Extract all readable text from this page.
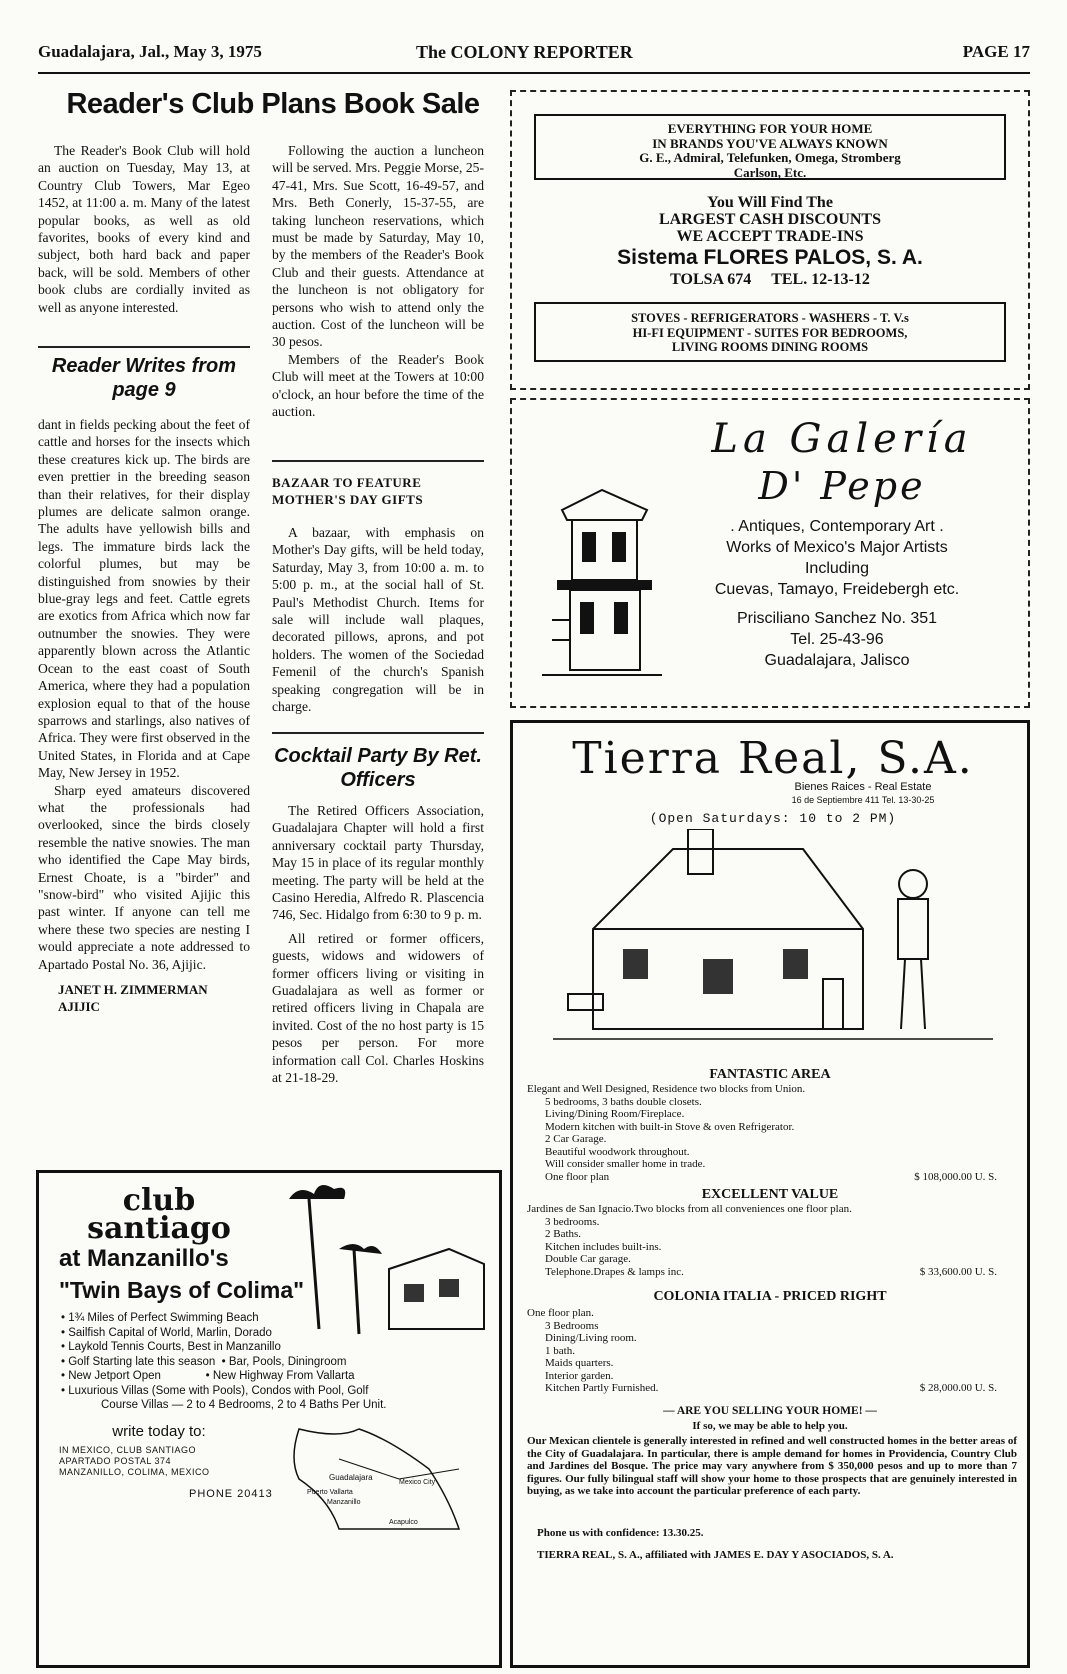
Guadalajara, Jal., May 3, 1975	The COLONY REPORTER	PAGE 17
Reader's Club Plans Book Sale

The Reader's Book Club will hold an auction on Tuesday, May 13, at Country Club Towers, Mar Egeo 1452, at 11:00 a. m. Many of the latest popular books, as well as old favorites, books of every kind and subject, both hard back and paper back, will be sold. Members of other book clubs are cordially invited as well as anyone interested.

Reader Writes from page 9

dant in fields pecking about the feet of cattle and horses for the insects which these creatures kick up. The birds are even prettier in the breeding season than their relatives, for their display plumes are delicate salmon orange. The adults have yellowish bills and legs. The immature birds lack the colorful plumes, but may be distinguished from snowies by their blue-gray legs and feet. Cattle egrets are exotics from Africa which now far outnumber the snowies. They were apparently blown across the Atlantic Ocean to the east coast of South America, where they had a population explosion equal to that of the house sparrows and starlings, also natives of Africa. They were first observed in the United States, in Florida and at Cape May, New Jersey in 1952.

Sharp eyed amateurs discovered what the professionals had overlooked, since the birds closely resemble the native snowies. The man who identified the Cape May birds, Ernest Choate, is a "birder" and "snow-bird" who visited Ajijic this past winter. If anyone can tell me where these two species are nesting I would appreciate a note addressed to Apartado Postal No. 36, Ajijic.

JANET H. ZIMMERMAN AJIJIC

Following the auction a luncheon will be served. Mrs. Peggie Morse, 25-47-41, Mrs. Sue Scott, 16-49-57, and Mrs. Beth Conerly, 15-37-55, are taking luncheon reservations, which must be made by Saturday, May 10, by the members of the Reader's Book Club and their guests. Attendance at the luncheon is not obligatory for persons who wish to attend only the auction. Cost of the luncheon will be 30 pesos.

Members of the Reader's Book Club will meet at the Towers at 10:00 o'clock, an hour before the time of the auction.

BAZAAR TO FEATURE MOTHER'S DAY GIFTS

A bazaar, with emphasis on Mother's Day gifts, will be held today, Saturday, May 3, from 10:00 a. m. to 5:00 p. m., at the social hall of St. Paul's Methodist Church. Items for sale will include wall plaques, decorated pillows, aprons, and pot holders. The women of the Sociedad Femenil of the church's Spanish speaking congregation will be in charge.

Cocktail Party By Ret. Officers

The Retired Officers Association, Guadalajara Chapter will hold a first anniversary cocktail party Thursday, May 15 in place of its regular monthly meeting. The party will be held at the Casino Heredia, Alfredo R. Plascencia 746, Sec. Hidalgo from 6:30 to 9 p. m.

All retired or former officers, guests, widows and widowers of former officers living or visiting in Guadalajara as well as former or retired officers living in Chapala are invited. Cost of the no host party is 15 pesos per person. For more information call Col. Charles Hoskins at 21-18-29.

EVERYTHING FOR YOUR HOME
IN BRANDS YOU'VE ALWAYS KNOWN
G. E., Admiral, Telefunken, Omega, Stromberg
Carlson, Etc.
You Will Find The
LARGEST CASH DISCOUNTS
WE ACCEPT TRADE-INS
Sistema FLORES PALOS, S. A.
TOLSA 674 TEL. 12-13-12
STOVES - REFRIGERATORS - WASHERS - T. V.s
HI-FI EQUIPMENT - SUITES FOR BEDROOMS,
LIVING ROOMS DINING ROOMS
La Galería
D' Pepe
. Antiques, Contemporary Art .
Works of Mexico's Major Artists
Including
Cuevas, Tamayo, Freidebergh etc.
Prisciliano Sanchez No. 351
Tel. 25-43-96
Guadalajara, Jalisco
Tierra Real, S.A.
Bienes Raices - Real Estate
16 de Septiembre 411 Tel. 13-30-25
(Open Saturdays: 10 to 2 PM)
FANTASTIC AREA
Elegant and Well Designed, Residence two blocks from Union.
5 bedrooms, 3 baths double closets.
Living/Dining Room/Fireplace.
Modern kitchen with built-in Stove & oven Refrigerator.
2 Car Garage.
Beautiful woodwork throughout.
Will consider smaller home in trade.
One floor plan	$ 108,000.00 U. S.
EXCELLENT VALUE
Jardines de San Ignacio.Two blocks from all conveniences one floor plan.
3 bedrooms.
2 Baths.
Kitchen includes built-ins.
Double Car garage.
Telephone.Drapes & lamps inc.	$ 33,600.00 U. S.
COLONIA ITALIA - PRICED RIGHT
One floor plan.
3 Bedrooms
Dining/Living room.
1 bath.
Maids quarters.
Interior garden.
Kitchen Partly Furnished.	$ 28,000.00 U. S.
— ARE YOU SELLING YOUR HOME! —
If so, we may be able to help you.
Our Mexican clientele is generally interested in refined and well constructed homes in the better areas of the City of Guadalajara. In particular, there is ample demand for homes in Providencia, Country Club and Jardines del Bosque. The price may vary anywhere from $ 350,000 pesos and up to more than 7 figures. Our fully bilingual staff will show your home to those prospects that are genuinely interested in buying, as we take into account the particular preference of each party.
Phone us with confidence: 13.30.25.
TIERRA REAL, S. A., affiliated with JAMES E. DAY Y ASOCIADOS, S. A.
club
santiago
at Manzanillo's
"Twin Bays of Colima"
• 1¾ Miles of Perfect Swimming Beach
• Sailfish Capital of World, Marlin, Dorado
• Laykold Tennis Courts, Best in Manzanillo
• Golf Starting late this season  • Bar, Pools, Diningroom
• New Jetport Open              • New Highway From Vallarta
• Luxurious Villas (Some with Pools), Condos with Pool, Golf
Course Villas — 2 to 4 Bedrooms, 2 to 4 Baths Per Unit.
write today to:
IN MEXICO, CLUB SANTIAGO
APARTADO POSTAL 374
MANZANILLO, COLIMA, MEXICO
Guadalajara
Puerto Vallarta
Manzanillo
Mexico City
Acapulco
PHONE 20413
